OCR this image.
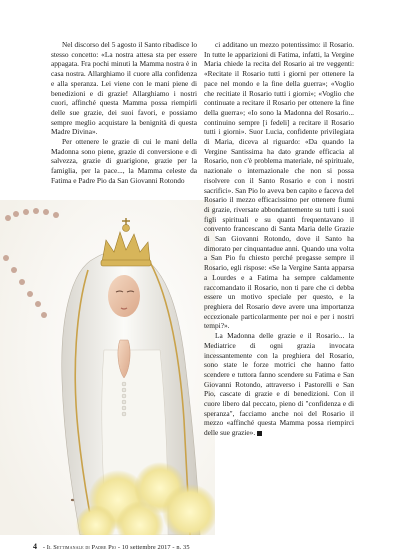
Nel discorso del 5 agosto il Santo ribadisce lo stesso concetto: «La nostra attesa sta per essere appagata. Fra pochi minuti la Mamma nostra è in casa nostra. Allarghiamo il cuore alla confidenza e alla speranza. Lei viene con le mani piene di benedizioni e di grazie! Allarghiamo i nostri cuori, affinché questa Mamma possa riempirli delle sue grazie, dei suoi favori, e possiamo sempre meglio acquistare la benignità di questa Madre Divina».

Per ottenere le grazie di cui le mani della Madonna sono piene, grazie di conversione e di salvezza, grazie di guarigione, grazie per la famiglia, per la pace..., la Mamma celeste da Fatima e Padre Pio da San Giovanni Rotondo

ci additano un mezzo potentissimo: il Rosario. In tutte le apparizioni di Fatima, infatti, la Vergine Maria chiede la recita del Rosario ai tre veggenti: «Recitate il Rosario tutti i giorni per ottenere la pace nel mondo e la fine della guerra»; «Voglio che recitiate il Rosario tutti i giorni»; «Voglio che continuate a recitare il Rosario per ottenere la fine della guerra»; «Io sono la Madonna del Rosario... continuino sempre [i fedeli] a recitare il Rosario tutti i giorni». Suor Lucia, confidente privilegiata di Maria, diceva al riguardo: «Da quando la Vergine Santissima ha dato grande efficacia al Rosario, non c'è problema materiale, né spirituale, nazionale o internazionale che non si possa risolvere con il Santo Rosario e con i nostri sacrifici». San Pio lo aveva ben capito e faceva del Rosario il mezzo efficacissimo per ottenere fiumi di grazie, riversate abbondantemente su tutti i suoi figli spirituali e su quanti frequentavano il convento francescano di Santa Maria delle Grazie di San Giovanni Rotondo, dove il Santo ha dimorato per cinquantadue anni. Quando una volta a San Pio fu chiesto perché pregasse sempre il Rosario, egli rispose: «Se la Vergine Santa apparsa a Lourdes e a Fatima ha sempre caldamente raccomandato il Rosario, non ti pare che ci debba essere un motivo speciale per questo, e la preghiera del Rosario deve avere una importanza eccezionale particolarmente per noi e per i nostri tempi?».

La Madonna delle grazie e il Rosario... la Mediatrice di ogni grazia invocata incessantemente con la preghiera del Rosario, sono state le forze motrici che hanno fatto scendere e tuttora fanno scendere su Fatima e San Giovanni Rotondo, attraverso i Pastorelli e San Pio, cascate di grazie e di benedizioni. Con il cuore libero dal peccato, pieno di "confidenza e di speranza", facciamo anche noi del Rosario il mezzo «affinché questa Mamma possa riempirci delle sue grazie».

4 - Il Settimanale di Padre Pio - 10 settembre 2017 - n. 35
